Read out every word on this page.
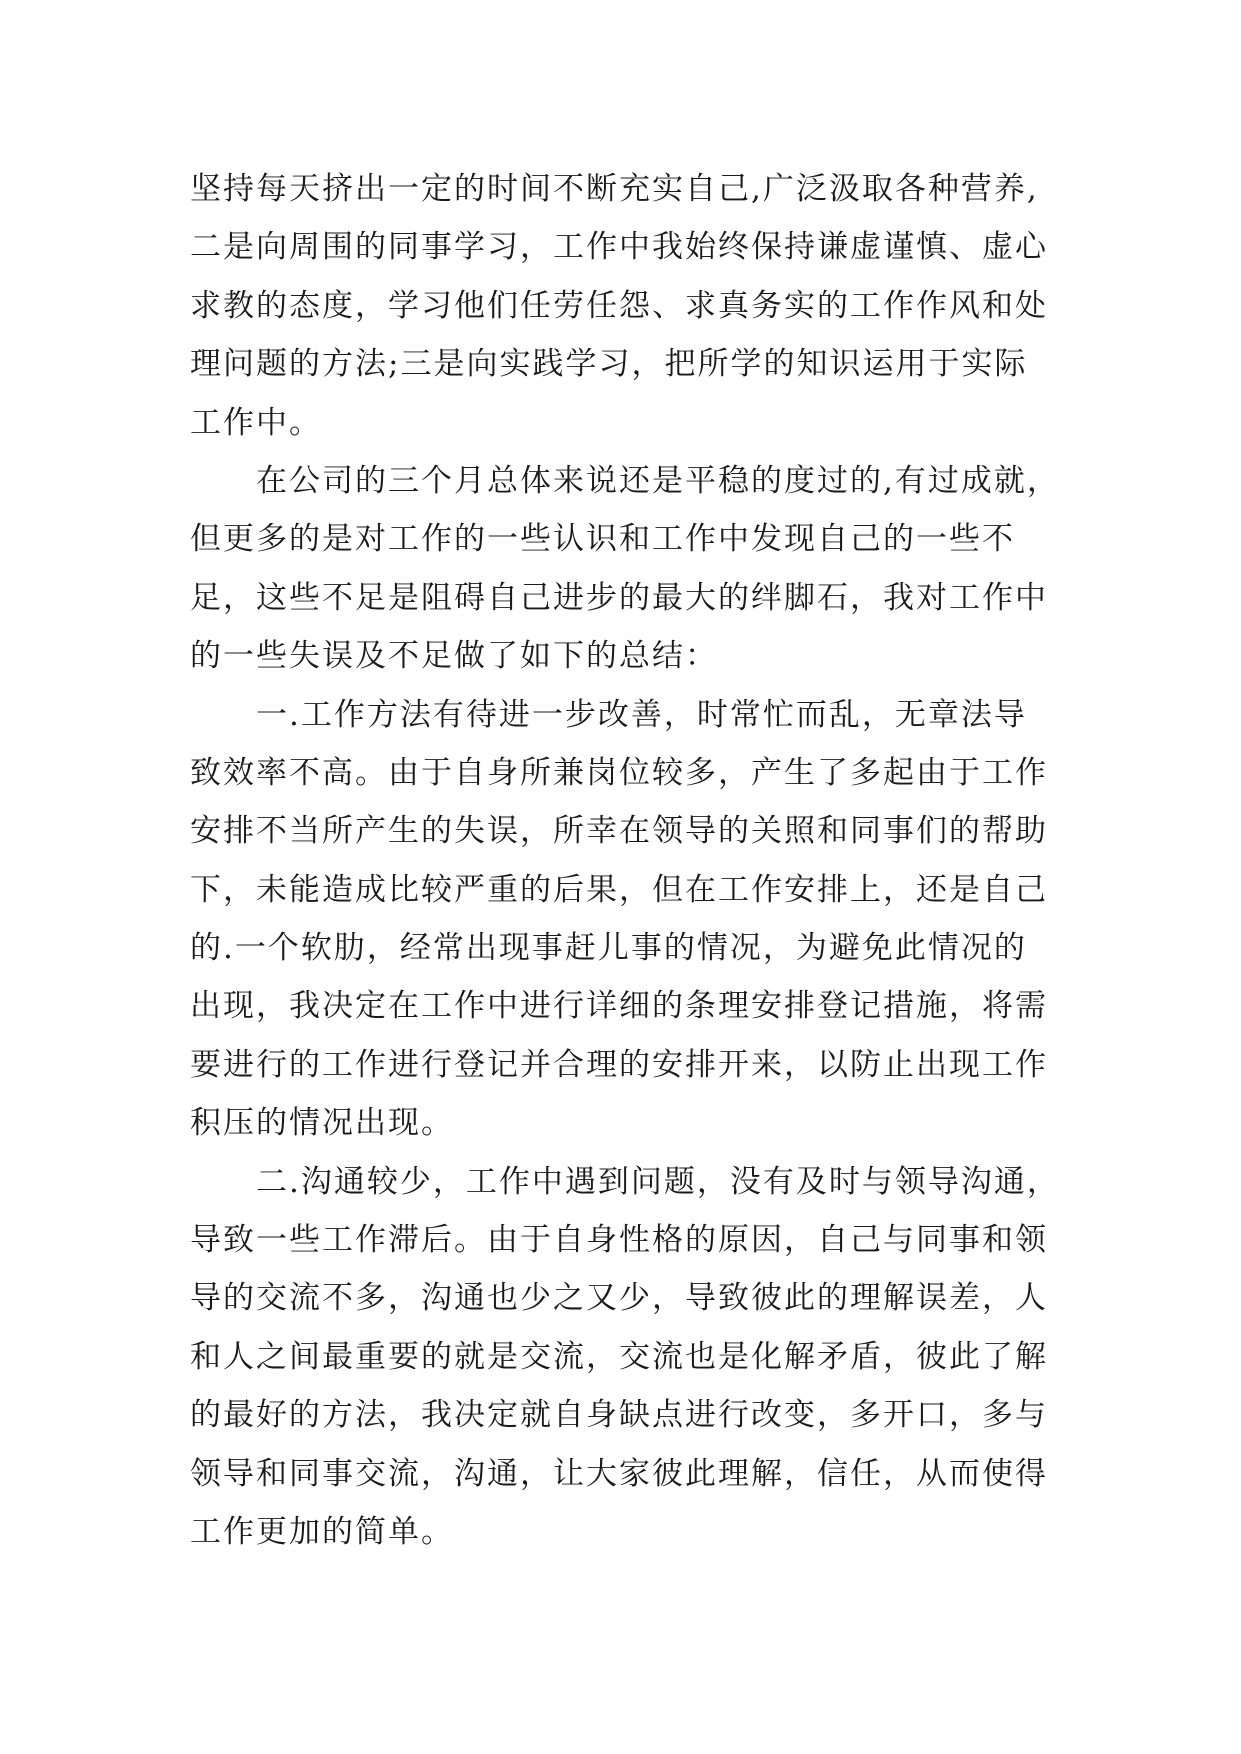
坚持每天挤出一定的时间不断充实自己,广泛汲取各种营养,
二是向周围的同事学习，工作中我始终保持谦虚谨慎、虚心
求教的态度，学习他们任劳任怨、求真务实的工作作风和处
理问题的方法;三是向实践学习，把所学的知识运用于实际
工作中。
在公司的三个月总体来说还是平稳的度过的,有过成就，
但更多的是对工作的一些认识和工作中发现自己的一些不
足，这些不足是阻碍自己进步的最大的绊脚石，我对工作中
的一些失误及不足做了如下的总结：
一.工作方法有待进一步改善，时常忙而乱，无章法导
致效率不高。由于自身所兼岗位较多，产生了多起由于工作
安排不当所产生的失误，所幸在领导的关照和同事们的帮助
下，未能造成比较严重的后果，但在工作安排上，还是自己
的.一个软肋，经常出现事赶儿事的情况，为避免此情况的
出现，我决定在工作中进行详细的条理安排登记措施，将需
要进行的工作进行登记并合理的安排开来，以防止出现工作
积压的情况出现。
二.沟通较少，工作中遇到问题，没有及时与领导沟通，
导致一些工作滞后。由于自身性格的原因，自己与同事和领
导的交流不多，沟通也少之又少，导致彼此的理解误差，人
和人之间最重要的就是交流，交流也是化解矛盾，彼此了解
的最好的方法，我决定就自身缺点进行改变，多开口，多与
领导和同事交流，沟通，让大家彼此理解，信任，从而使得
工作更加的简单。
